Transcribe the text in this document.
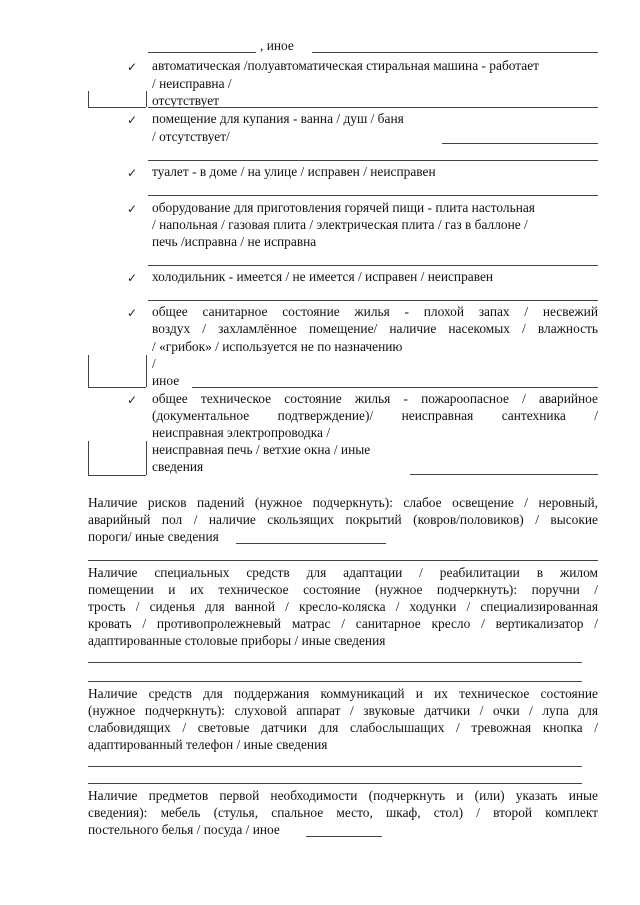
, иное
✓ автоматическая /полуавтоматическая стиральная машина - работает
/ неисправна /
отсутствует
✓ помещение для купания - ванна / душ / баня
/ отсутствует/
✓ туалет - в доме / на улице / исправен / неисправен
✓ оборудование для приготовления горячей пищи - плита настольная
/ напольная / газовая плита / электрическая плита / газ в баллоне /
печь /исправна / не исправна
✓ холодильник - имеется / не имеется / исправен / неисправен
✓ общее санитарное состояние жилья - плохой запах / несвежий
воздух / захламлённое помещение/ наличие насекомых / влажность
/ «грибок» / используется не по назначению
/
иное
✓ общее техническое состояние жилья - пожароопасное / аварийное
(документальное подтверждение)/ неисправная сантехника /
неисправная электропроводка /
неисправная печь / ветхие окна / иные
сведения
Наличие рисков падений (нужное подчеркнуть): слабое освещение / неровный,
аварийный пол / наличие скользящих покрытий (ковров/половиков) / высокие
пороги/ иные сведения
Наличие специальных средств для адаптации / реабилитации в жилом
помещении и их техническое состояние (нужное подчеркнуть): поручни /
трость / сиденья для ванной / кресло-коляска / ходунки / специализированная
кровать / противопролежневый матрас / санитарное кресло / вертикализатор /
адаптированные столовые приборы / иные сведения
Наличие средств для поддержания коммуникаций и их техническое состояние
(нужное подчеркнуть): слуховой аппарат / звуковые датчики / очки / лупа для
слабовидящих / световые датчики для слабослышащих / тревожная кнопка /
адаптированный телефон / иные сведения
Наличие предметов первой необходимости (подчеркнуть и (или) указать иные
сведения): мебель (стулья, спальное место, шкаф, стол) / второй комплект
постельного белья / посуда / иное
